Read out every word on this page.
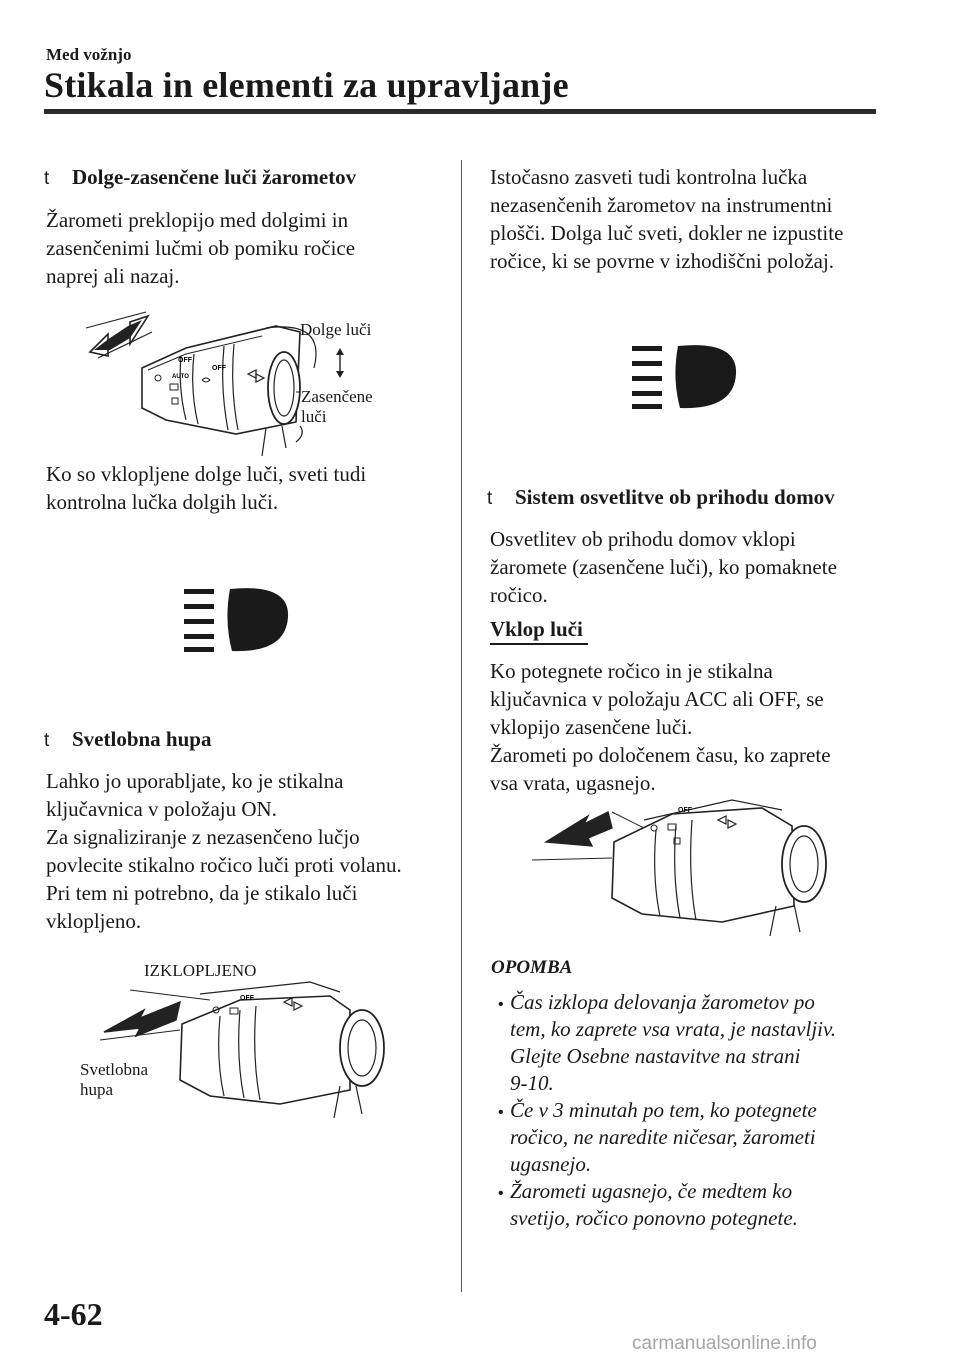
Med vožnjo
Stikala in elementi za upravljanje
t Dolge-zasenčene luči žarometov
Žarometi preklopijo med dolgimi in
zasenčenimi lučmi ob pomiku ročice
naprej ali nazaj.
OFF
OFF
AUTO
Dolge luči
Zasenčene
luči
Ko so vklopljene dolge luči, sveti tudi
kontrolna lučka dolgih luči.
t Svetlobna hupa
Lahko jo uporabljate, ko je stikalna
ključavnica v položaju ON.
Za signaliziranje z nezasenčeno lučjo
povlecite stikalno ročico luči proti volanu.
Pri tem ni potrebno, da je stikalo luči
vklopljeno.
IZKLOPLJENO
OFF
Svetlobna
hupa
Istočasno zasveti tudi kontrolna lučka
nezasenčenih žarometov na instrumentni
plošči. Dolga luč sveti, dokler ne izpustite
ročice, ki se povrne v izhodiščni položaj.
t Sistem osvetlitve ob prihodu domov
Osvetlitev ob prihodu domov vklopi
žaromete (zasenčene luči), ko pomaknete
ročico.
Vklop luči
Ko potegnete ročico in je stikalna
ključavnica v položaju ACC ali OFF, se
vklopijo zasenčene luči.
Žarometi po določenem času, ko zaprete
vsa vrata, ugasnejo.
OFF
OPOMBA
• Čas izklopa delovanja žarometov po
tem, ko zaprete vsa vrata, je nastavljiv.
Glejte Osebne nastavitve na strani
9-10.
• Če v 3 minutah po tem, ko potegnete
ročico, ne naredite ničesar, žarometi
ugasnejo.
• Žarometi ugasnejo, če medtem ko
svetijo, ročico ponovno potegnete.
4-62
carmanualsonline.info
